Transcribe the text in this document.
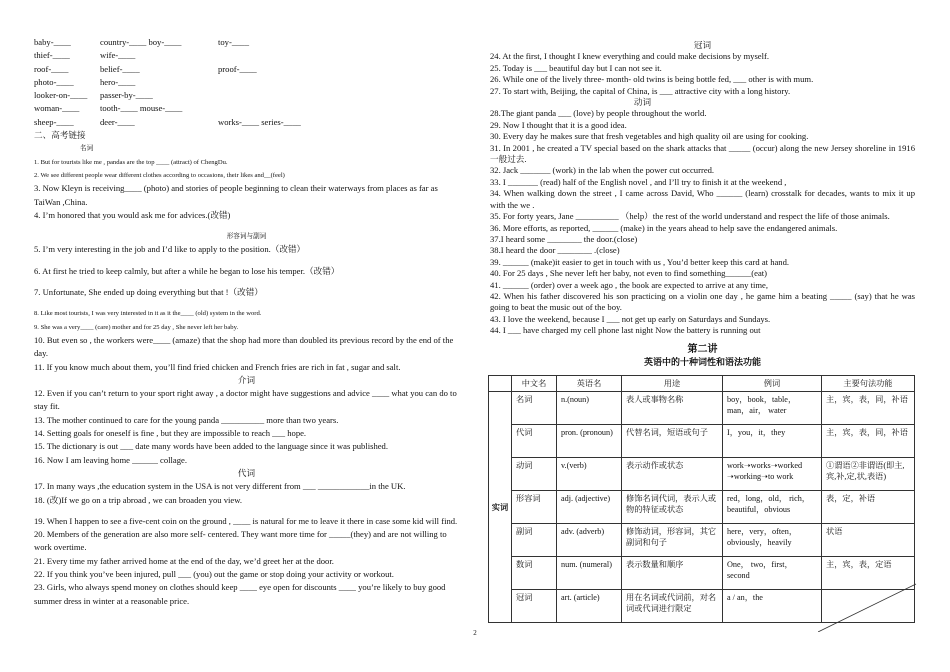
baby-____	country-____ boy-____	toy-____

thief-____	wife-____

roof-____	belief-____	proof-____

photo-____	hero-____

looker-on-____ passer-by-____

woman-____ tooth-____ mouse-____

sheep-____	deer-____	works-____ series-____

二、高考链接

名词

1. But for tourists like me , pandas are the top ____ (attract) of ChengDu.

2. We see different people wear different clothes according to occasions, their likes and__(feel)

3. Now Kleyn is receiving____ (photo) and stories of people beginning to clean their waterways from places as far as TaiWan ,China.

4. I’m honored that you would ask me for advices.(改错)

形容词与副词

5. I’m very interesting in the job and I’d like to apply to the position.（改错）

6. At first he tried to keep calmly, but after a while he began to lose his temper.（改错）

7. Unfortunate, She ended up doing everything but that !（改错）

8. Like most tourists, I was very interested in it as it the____ (old) system in the word.

9. She was a very____ (care) mother and for 25 day , She never left her baby.

10. But even so , the workers were____ (amaze) that the shop had more than doubled its previous record by the end of the day.

11. If you know much about them, you’ll find fried chicken and French fries are rich in fat , sugar and salt.

介词

12. Even if you can’t return to your sport right away , a doctor might have suggestions and advice ____ what you can do to stay fit.

13. The mother continued to care for the young panda __________ more than two years.

14. Setting goals for oneself is fine , but they are impossible to reach ___ hope.

15. The dictionary is out ___ date many words have been added to the language since it was published.

16. Now I am leaving home ______ collage.

代词

17. In many ways ,the education system in the USA is not very different from ___ ____________in the UK.

18. (改)If we go on a trip abroad , we can broaden you view.

19. When I happen to see a five-cent coin on the ground , ____ is natural for me to leave it there in case some kid will find.

20. Members of the generation are also more self- centered. They want more time for _____(they) and are not willing to work overtime.

21. Every time my father arrived home at the end of the day, we’d greet her at the door.

22. If you think you’ve been injured, pull ___ (you) out the game or stop doing your activity or workout.

23. Girls, who always spend money on clothes should keep ____ eye open for discounts ____ you’re likely to buy good summer dress in winter at a reasonable price.

冠词

24. At the first, I thought I knew everything and could make decisions by myself.

25. Today is ___ beautiful day but I can not see it.

26. While one of the lively three- month- old twins is being bottle fed, ___ other is with mum.

27. To start with, Beijing, the capital of China, is ___ attractive city with a long history.

动词

28.The giant panda ___ (love) by people throughout the world.

29. Now I thought that it is a good idea.

30. Every day he makes sure that fresh vegetables and high quality oil are using for cooking.

31. In 2001 , he created a TV special based on the shark attacks that _____ (occur) along the new Jersey shoreline in 1916 一般过去.

32. Jack _______ (work) in the lab when the power cut occurred.

33. I _______ (read) half of the English novel , and I’ll try to finish it at the weekend ,

34. When walking down the street , I came across David, Who ______ (learn) crosstalk for decades, wants to mix it up with the we .

35. For forty years, Jane __________ （help）the rest of the world understand and respect the life of those animals.

36. More efforts, as reported, ______ (make) in the years ahead to help save the endangered animals.

37.I heard some ________ the door.(close)

38.I heard the door ________ .(close)

39. ______ (make)it easier to get in touch with us , You’d better keep this card at hand.

40. For 25 days , She never left her baby, not even to find something______(eat)

41. ______ (order) over a week ago , the book are expected to arrive at any time,

42. When his father discovered his son practicing on a violin one day , he game him a beating _____ (say) that he was going to beat the music out of the boy.

43. I love the weekend, because I ___ not get up early on Saturdays and Sundays.

44. I ___ have charged my cell phone last night Now the battery is running out

第二讲

英语中的十种词性和语法功能

	中文名	英语名	用途	例词	主要句法功能
实词	名词	n.(noun)	表人或事物名称	boy，book，table，man，air， water	主，宾，表，同，补语
	代词	pron. (pronoun)	代替名词，短语或句子	I，you，it，they	主，宾，表，同，补语
	动词	v.(verb)	表示动作或状态	work➝works➝worked ➝working➝to work	①谓语②非谓语(即主,宾,补,定,状,表语)
	形容词	adj. (adjective)	修饰名词代词，表示人或物的特征或状态	red，long，old， rich，beautiful，obvious	表，定，补语
	副词	adv. (adverb)	修饰动词，形容词，其它副词和句子	here，very，often，obviously，heavily	状语
	数词	num. (numeral)	表示数量和顺序	One， two，first， second	主，宾，表，定语
	冠词	art. (article)	用在名词或代词前，对名词或代词进行限定	a / an，the	
2
